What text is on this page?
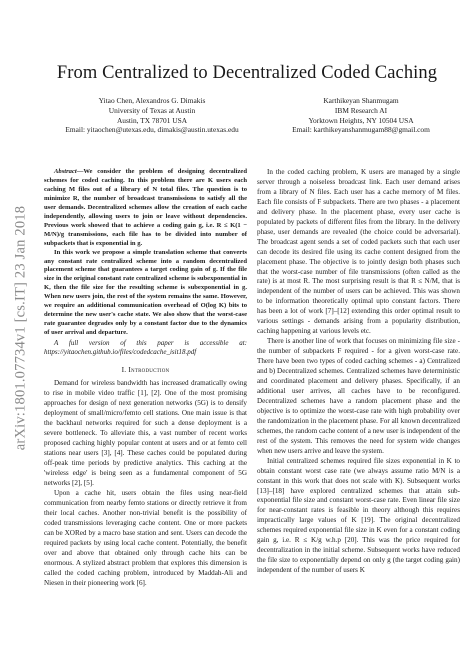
arXiv:1801.07734v1 [cs.IT] 23 Jan 2018
From Centralized to Decentralized Coded Caching
Yitao Chen, Alexandros G. Dimakis
University of Texas at Austin
Austin, TX 78701 USA
Email: yitaochen@utexas.edu, dimakis@austin.utexas.edu
Karthikeyan Shanmugam
IBM Research AI
Yorktown Heights, NY 10504 USA
Email: karthikeyanshanmugam88@gmail.com

Abstract—We consider the problem of designing decentralized schemes for coded caching. In this problem there are K users each caching M files out of a library of N total files. The question is to minimize R, the number of broadcast transmissions to satisfy all the user demands. Decentralized schemes allow the creation of each cache independently, allowing users to join or leave without dependencies. Previous work showed that to achieve a coding gain g, i.e. R ≤ K(1 − M/N)/g transmissions, each file has to be divided into number of subpackets that is exponential in g.

In this work we propose a simple translation scheme that converts any constant rate centralized scheme into a random decentralized placement scheme that guarantees a target coding gain of g. If the file size in the original constant rate centralized scheme is subexponential in K, then the file size for the resulting scheme is subexponential in g. When new users join, the rest of the system remains the same. However, we require an additional communication overhead of O(log K) bits to determine the new user's cache state. We also show that the worst-case rate guarantee degrades only by a constant factor due to the dynamics of user arrival and departure.

A full version of this paper is accessible at: https://yitaochen.github.io/files/codedcache_isit18.pdf

I. Introduction

Demand for wireless bandwidth has increased dramatically owing to rise in mobile video traffic [1], [2]. One of the most promising approaches for design of next generation networks (5G) is to densify deployment of small/micro/femto cell stations. One main issue is that the backhaul networks required for such a dense deployment is a severe bottleneck. To alleviate this, a vast number of recent works proposed caching highly popular content at users and or at femto cell stations near users [3], [4]. These caches could be populated during off-peak time periods by predictive analytics. This caching at the 'wireless edge' is being seen as a fundamental component of 5G networks [2], [5].

Upon a cache hit, users obtain the files using near-field communication from nearby femto stations or directly retrieve it from their local caches. Another non-trivial benefit is the possibility of coded transmissions leveraging cache content. One or more packets can be XORed by a macro base station and sent. Users can decode the required packets by using local cache content. Potentially, the benefit over and above that obtained only through cache hits can be enormous. A stylized abstract problem that explores this dimension is called the coded caching problem, introduced by Maddah-Ali and Niesen in their pioneering work [6].

In the coded caching problem, K users are managed by a single server through a noiseless broadcast link. Each user demand arises from a library of N files. Each user has a cache memory of M files. Each file consists of F subpackets. There are two phases - a placement and delivery phase. In the placement phase, every user cache is populated by packets of different files from the library. In the delivery phase, user demands are revealed (the choice could be adversarial). The broadcast agent sends a set of coded packets such that each user can decode its desired file using its cache content designed from the placement phase. The objective is to jointly design both phases such that the worst-case number of file transmissions (often called as the rate) is at most R. The most surprising result is that R ≤ N/M, that is independent of the number of users can be achieved. This was shown to be information theoretically optimal upto constant factors. There has been a lot of work [7]–[12] extending this order optimal result to various settings - demands arising from a popularity distribution, caching happening at various levels etc.

There is another line of work that focuses on minimizing file size - the number of subpackets F required - for a given worst-case rate. There have been two types of coded caching schemes - a) Centralized and b) Decentralized schemes. Centralized schemes have deterministic and coordinated placement and delivery phases. Specifically, if an additional user arrives, all caches have to be reconfigured. Decentralized schemes have a random placement phase and the objective is to optimize the worst-case rate with high probability over the randomization in the placement phase. For all known decentralized schemes, the random cache content of a new user is independent of the rest of the system. This removes the need for system wide changes when new users arrive and leave the system.

Initial centralized schemes required file sizes exponential in K to obtain constant worst case rate (we always assume ratio M/N is a constant in this work that does not scale with K). Subsequent works [13]–[18] have explored centralized schemes that attain sub-exponential file size and constant worst-case rate. Even linear file size for near-constant rates is feasible in theory although this requires impractically large values of K [19]. The original decentralized schemes required exponential file size in K even for a constant coding gain g, i.e. R ≤ K/g w.h.p [20]. This was the price required for decentralization in the initial scheme. Subsequent works have reduced the file size to exponentially depend on only g (the target coding gain) independent of the number of users K
